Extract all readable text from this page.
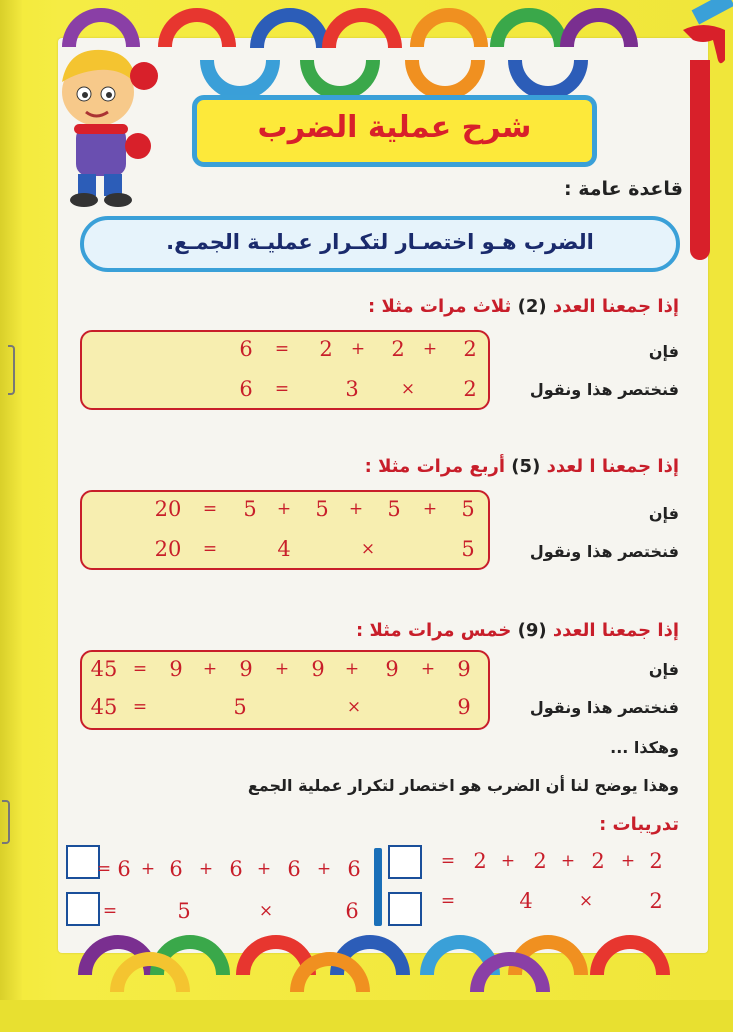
شرح عملية الضرب
قاعدة عامة :
الضرب هـو اختصـار لتكـرار عمليـة الجمـع.
إذا جمعنا العدد (2) ثلاث مرات مثلا :
فإن
فنختصر هذا ونقول
إذا جمعنا ا لعدد (5) أربع مرات مثلا :
فإن
فنختصر هذا ونقول
إذا جمعنا العدد (9) خمس مرات مثلا :
فإن
فنختصر هذا ونقول
وهكذا ...
وهذا يوضح لنا أن الضرب هو اختصار لتكرار عملية الجمع
تدريبات :
2
+
2
+
2
=
6
2
×
3
=
6
5
+
5
+
5
+
5
=
20
5
×
4
=
20
9
+
9
+
9
+
9
+
9
=
45
9
×
5
=
45
2
+
2
+
2
+
2
=
2
×
4
=
6
+
6
+
6
+
6
+
6
=
6
×
5
=
